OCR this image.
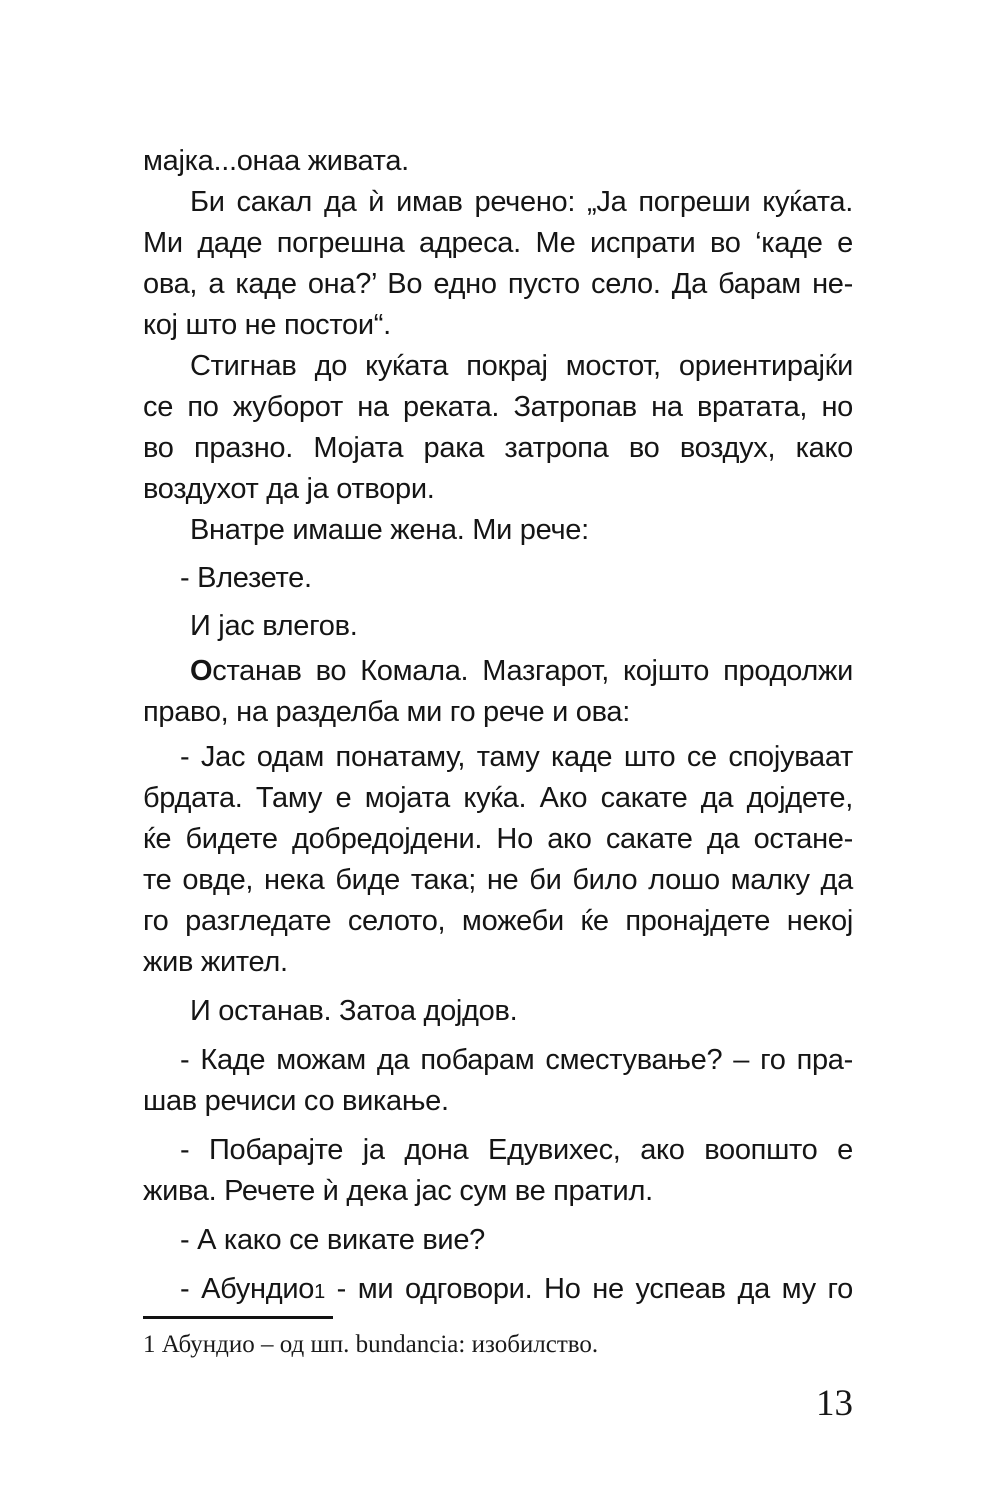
мајка...онаа живата.
Би сакал да ѝ имав речено: „Ја погреши куќата.
Ми даде погрешна адреса. Ме испрати во ‘каде е
ова, а каде она?’ Во едно пусто село. Да барам не-
кој што не постои“.
Стигнав до куќата покрај мостот, ориентирајќи
се по жуборот на реката. Затропав на вратата, но
во празно. Мојата рака затропа во воздух, како
воздухот да ја отвори.
Внатре имаше жена. Ми рече:
- Влезете.
И јас влегов.
Останав во Комала. Мазгарот, којшто продолжи
право, на разделба ми го рече и ова:
- Јас одам понатаму, таму каде што се спојуваат
брдата. Таму е мојата куќа. Ако сакате да дојдете,
ќе бидете добредојдени. Но ако сакате да остане-
те овде, нека биде така; не би било лошо малку да
го разгледате селото, можеби ќе пронајдете некој
жив жител.
И останав. Затоа дојдов.
- Каде можам да побарам сместување? – го пра-
шав речиси со викање.
- Побарајте ја дона Едувихес, ако воопшто е
жива. Речете ѝ дека јас сум ве пратил.
- А како се викате вие?
- Абундио1 - ми одговори. Но не успеав да му го
1 Абундио – од шп. bundancia: изобилство.
13
